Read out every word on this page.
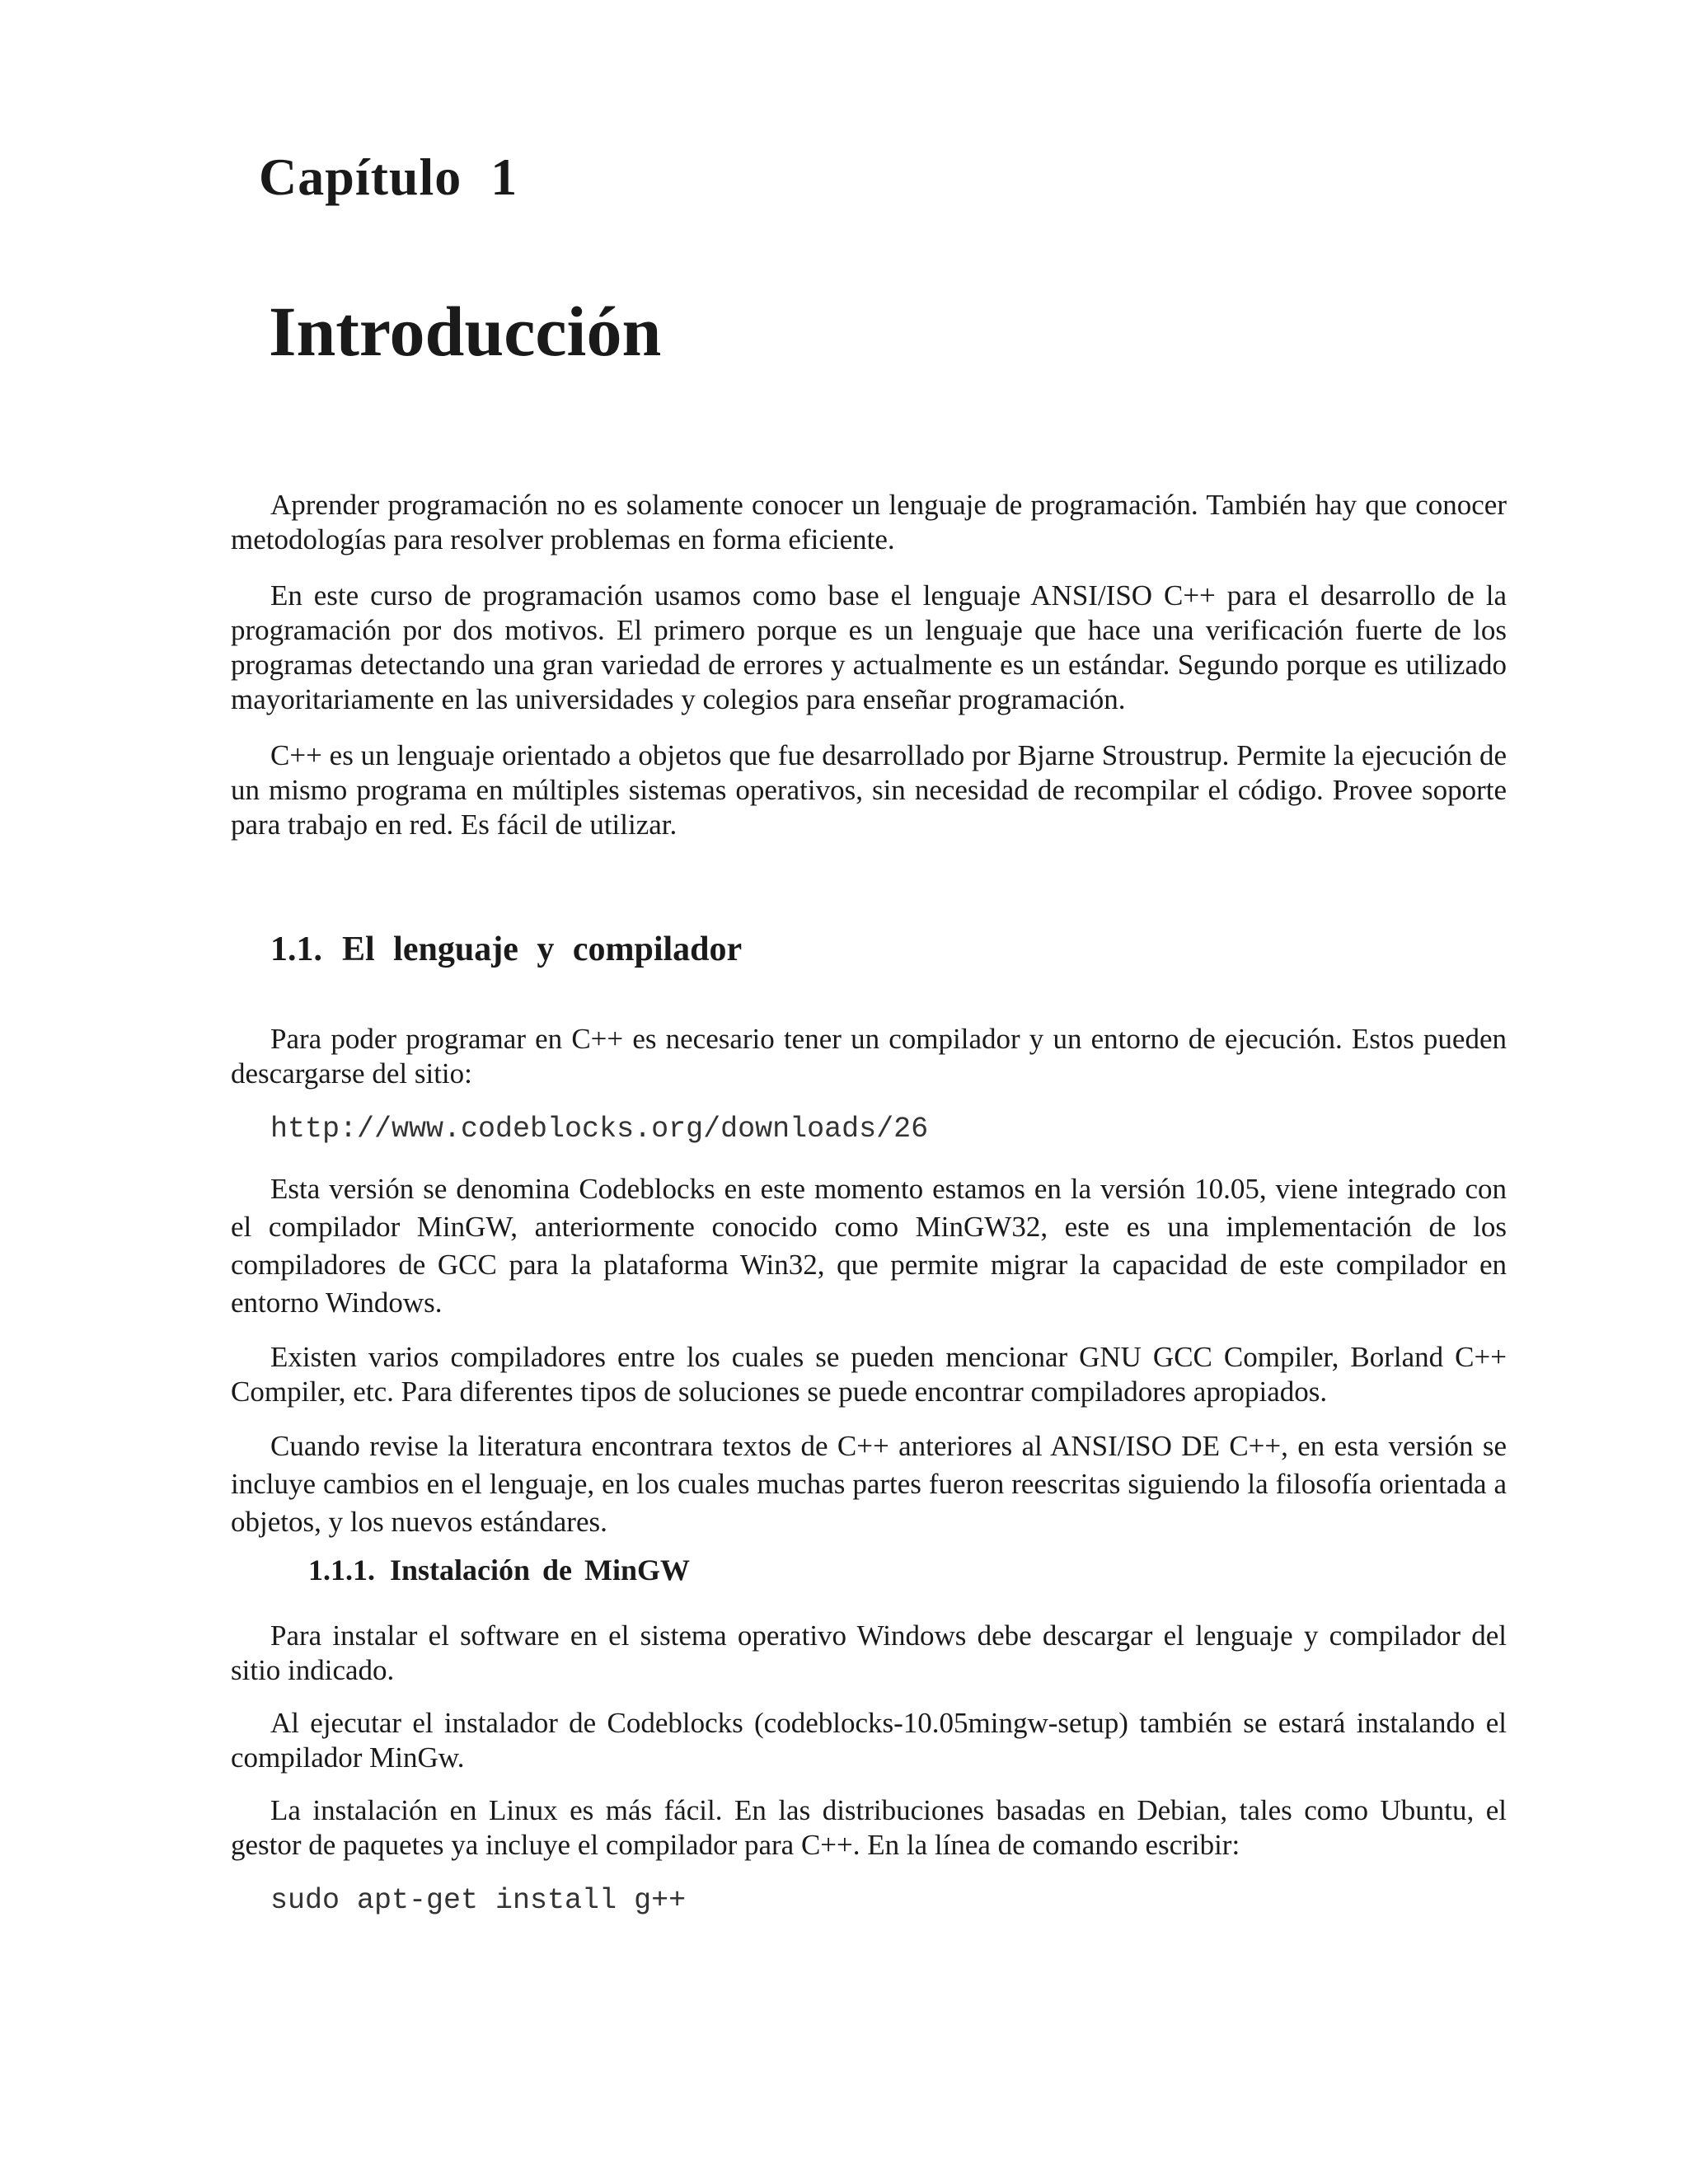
Capítulo 1
Introducción

Aprender programación no es solamente conocer un lenguaje de programación. También hay que conocer metodologías para resolver problemas en forma eficiente.

En este curso de programación usamos como base el lenguaje ANSI/ISO C++ para el desarrollo de la programación por dos motivos. El primero porque es un lenguaje que hace una verificación fuerte de los programas detectando una gran variedad de errores y actualmente es un estándar. Segundo porque es utilizado mayoritariamente en las universidades y colegios para enseñar programación.

C++ es un lenguaje orientado a objetos que fue desarrollado por Bjarne Stroustrup. Permite la ejecución de un mismo programa en múltiples sistemas operativos, sin necesidad de recompilar el código. Provee soporte para trabajo en red. Es fácil de utilizar.

1.1. El lenguaje y compilador

Para poder programar en C++ es necesario tener un compilador y un entorno de ejecución. Estos pueden descargarse del sitio:

http://www.codeblocks.org/downloads/26

Esta versión se denomina Codeblocks en este momento estamos en la versión 10.05, viene integrado con el compilador MinGW, anteriormente conocido como MinGW32, este es una implementación de los compiladores de GCC para la plataforma Win32, que permite migrar la capacidad de este compilador en entorno Windows.

Existen varios compiladores entre los cuales se pueden mencionar GNU GCC Compiler, Borland C++ Compiler, etc. Para diferentes tipos de soluciones se puede encontrar compiladores apropiados.

Cuando revise la literatura encontrara textos de C++ anteriores al ANSI/ISO DE C++, en esta versión se incluye cambios en el lenguaje, en los cuales muchas partes fueron reescritas siguiendo la filosofía orientada a objetos, y los nuevos estándares.

1.1.1. Instalación de MinGW

Para instalar el software en el sistema operativo Windows debe descargar el lenguaje y compilador del sitio indicado.

Al ejecutar el instalador de Codeblocks (codeblocks-10.05mingw-setup) también se estará instalando el compilador MinGw.

La instalación en Linux es más fácil. En las distribuciones basadas en Debian, tales como Ubuntu, el gestor de paquetes ya incluye el compilador para C++. En la línea de comando escribir:

sudo apt-get install g++
